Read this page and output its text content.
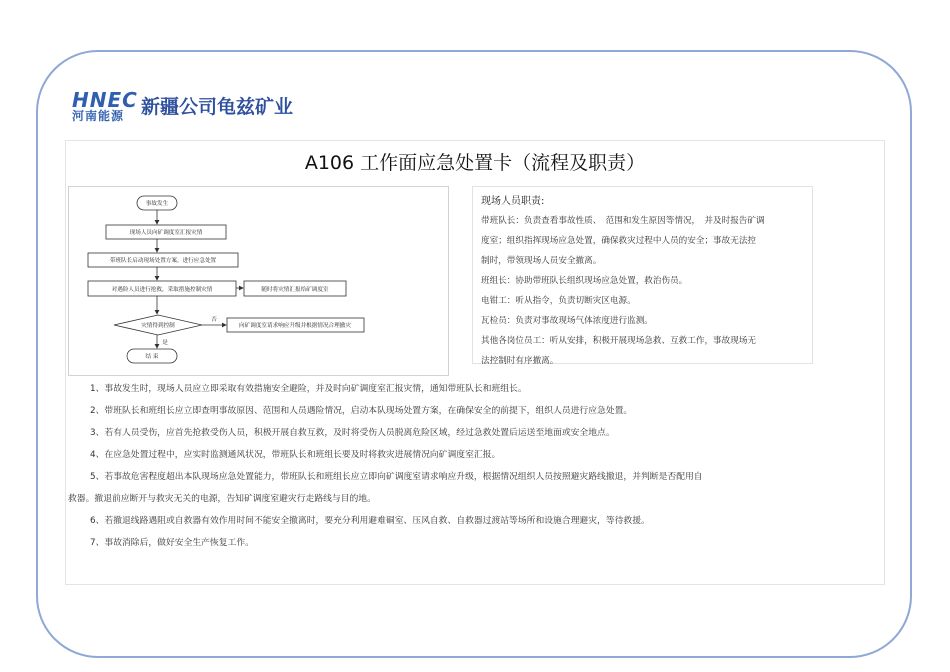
HNEC
河南能源 新疆公司龟兹矿业
A106 工作面应急处置卡（流程及职责）
事故发生
现场人员向矿调度室汇报灾情
带班队长启动现场处置方案，进行应急处置
对遇险人员进行抢救，采取措施控制灾情	随时将灾情汇报给矿调度室
灾情得到控制	向矿调度室请求响应升级并根据情况合理撤灾
结 束
否
是
现场人员职责:

带班队长：负责查看事故性质、　范围和发生原因等情况，　并及时报告矿调

度室；组织指挥现场应急处置，确保救灾过程中人员的安全；事故无法控

制时，带领现场人员安全撤离。

班组长：协助带班队长组织现场应急处置，救治伤员。

电钳工：听从指令，负责切断灾区电源。

瓦检员：负责对事故现场气体浓度进行监测。

其他各岗位员工：听从安排，积极开展现场急救、互救工作，事故现场无

法控制时有序撤离。

1、事故发生时，现场人员应立即采取有效措施安全避险，并及时向矿调度室汇报灾情，通知带班队长和班组长。

2、带班队长和班组长应立即查明事故原因、范围和人员遇险情况，启动本队现场处置方案，在确保安全的前提下，组织人员进行应急处置。

3、若有人员受伤，应首先抢救受伤人员，积极开展自救互救，及时将受伤人员脱离危险区域，经过急救处置后运送至地面或安全地点。

4、在应急处置过程中，应实时监测通风状况，带班队长和班组长要及时将救灾进展情况向矿调度室汇报。

5、若事故危害程度超出本队现场应急处置能力，带班队长和班组长应立即向矿调度室请求响应升级，根据情况组织人员按照避灾路线撤退，并判断是否配用自

救器。撤退前应断开与救灾无关的电源，告知矿调度室避灾行走路线与目的地。

6、若撤退线路遇阻或自救器有效作用时间不能安全撤离时，要充分利用避难硐室、压风自救、自救器过渡站等场所和设施合理避灾，等待救援。

7、事故消除后，做好安全生产恢复工作。
